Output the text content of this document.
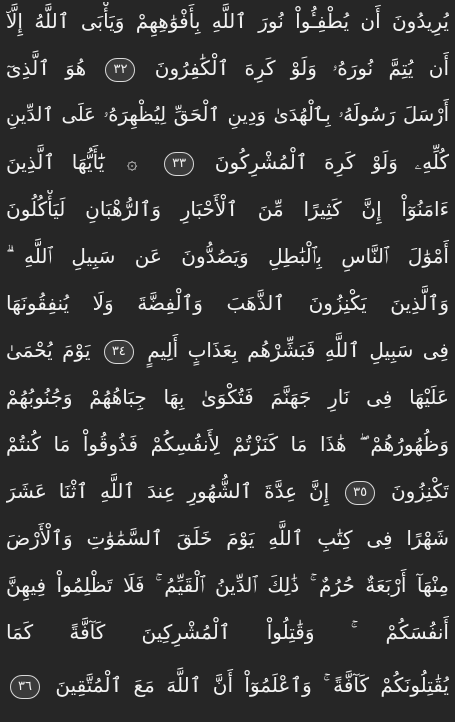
يُرِيدُونَ أَن يُطْفِـُٔواْ نُورَ ٱللَّهِ بِأَفْوَٰهِهِمْ وَيَأْبَى ٱللَّهُ إِلَّآ
أَن يُتِمَّ نُورَهُۥ وَلَوْ كَرِهَ ٱلْكَٰفِرُونَ ٣٢ هُوَ ٱلَّذِىٓ
أَرْسَلَ رَسُولَهُۥ بِٱلْهُدَىٰ وَدِينِ ٱلْحَقِّ لِيُظْهِرَهُۥ عَلَى ٱلدِّينِ
كُلِّهِۦ وَلَوْ كَرِهَ ٱلْمُشْرِكُونَ ٣٣ ۞ يَٰٓأَيُّهَا ٱلَّذِينَ
ءَامَنُوٓاْ إِنَّ كَثِيرًا مِّنَ ٱلْأَحْبَارِ وَٱلرُّهْبَانِ لَيَأْكُلُونَ
أَمْوَٰلَ ٱلنَّاسِ بِٱلْبَٰطِلِ وَيَصُدُّونَ عَن سَبِيلِ ٱللَّهِ ۗ
وَٱلَّذِينَ يَكْنِزُونَ ٱلذَّهَبَ وَٱلْفِضَّةَ وَلَا يُنفِقُونَهَا
فِى سَبِيلِ ٱللَّهِ فَبَشِّرْهُم بِعَذَابٍ أَلِيمٍ ٣٤ يَوْمَ يُحْمَىٰ
عَلَيْهَا فِى نَارِ جَهَنَّمَ فَتُكْوَىٰ بِهَا جِبَاهُهُمْ وَجُنُوبُهُمْ
وَظُهُورُهُمْ ۖ هَٰذَا مَا كَنَزْتُمْ لِأَنفُسِكُمْ فَذُوقُواْ مَا كُنتُمْ
تَكْنِزُونَ ٣٥ إِنَّ عِدَّةَ ٱلشُّهُورِ عِندَ ٱللَّهِ ٱثْنَا عَشَرَ
شَهْرًا فِى كِتَٰبِ ٱللَّهِ يَوْمَ خَلَقَ ٱلسَّمَٰوَٰتِ وَٱلْأَرْضَ
مِنْهَآ أَرْبَعَةٌ حُرُمٌ ۚ ذَٰلِكَ ٱلدِّينُ ٱلْقَيِّمُ ۚ فَلَا تَظْلِمُواْ فِيهِنَّ
أَنفُسَكُمْ ۚ وَقَٰتِلُواْ ٱلْمُشْرِكِينَ كَآفَّةً كَمَا
يُقَٰتِلُونَكُمْ كَآفَّةً ۚ وَٱعْلَمُوٓاْ أَنَّ ٱللَّهَ مَعَ ٱلْمُتَّقِينَ ٣٦
